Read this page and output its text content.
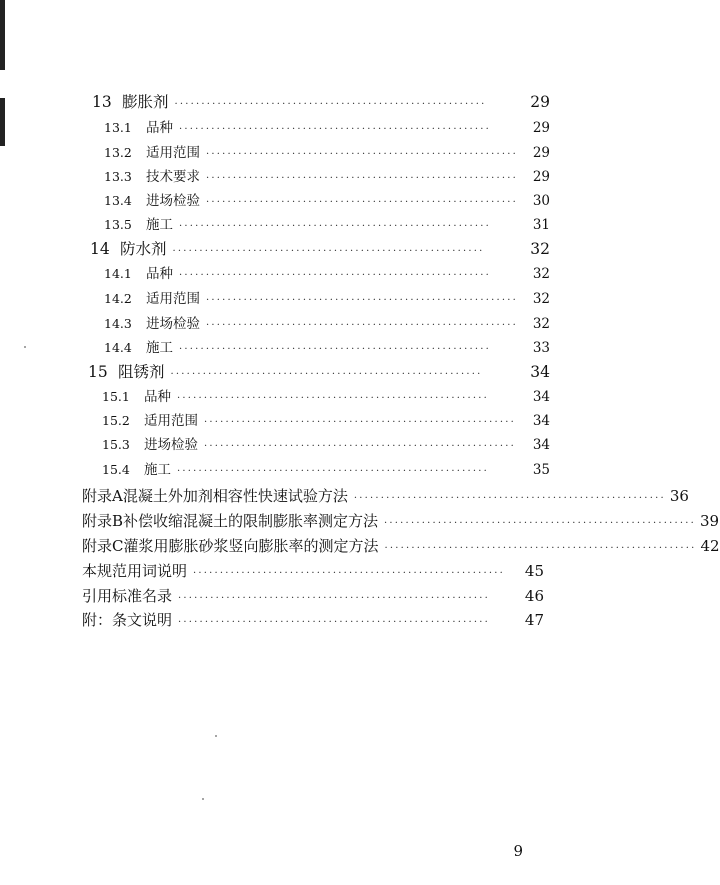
13 膨胀剂 ··························································	29
13.1	品种 ··························································	29
13.2	适用范围 ··························································	29
13.3	技术要求 ··························································	29
13.4	进场检验 ··························································	30
13.5	施工 ··························································	31
14 防水剂 ··························································	32
14.1	品种 ··························································	32
14.2	适用范围 ··························································	32
14.3	进场检验 ··························································	32
14.4	施工 ··························································	33
15 阻锈剂 ··························································	34
15.1	品种 ··························································	34
15.2	适用范围 ··························································	34
15.3	进场检验 ··························································	34
15.4	施工 ··························································	35
附录A 混凝土外加剂相容性快速试验方法 ·························································· 36
附录B 补偿收缩混凝土的限制膨胀率测定方法 ·························································· 39
附录C 灌浆用膨胀砂浆竖向膨胀率的测定方法 ·························································· 42
本规范用词说明 ··························································	45
引用标准名录 ··························································	46
附：条文说明 ··························································	47
9
